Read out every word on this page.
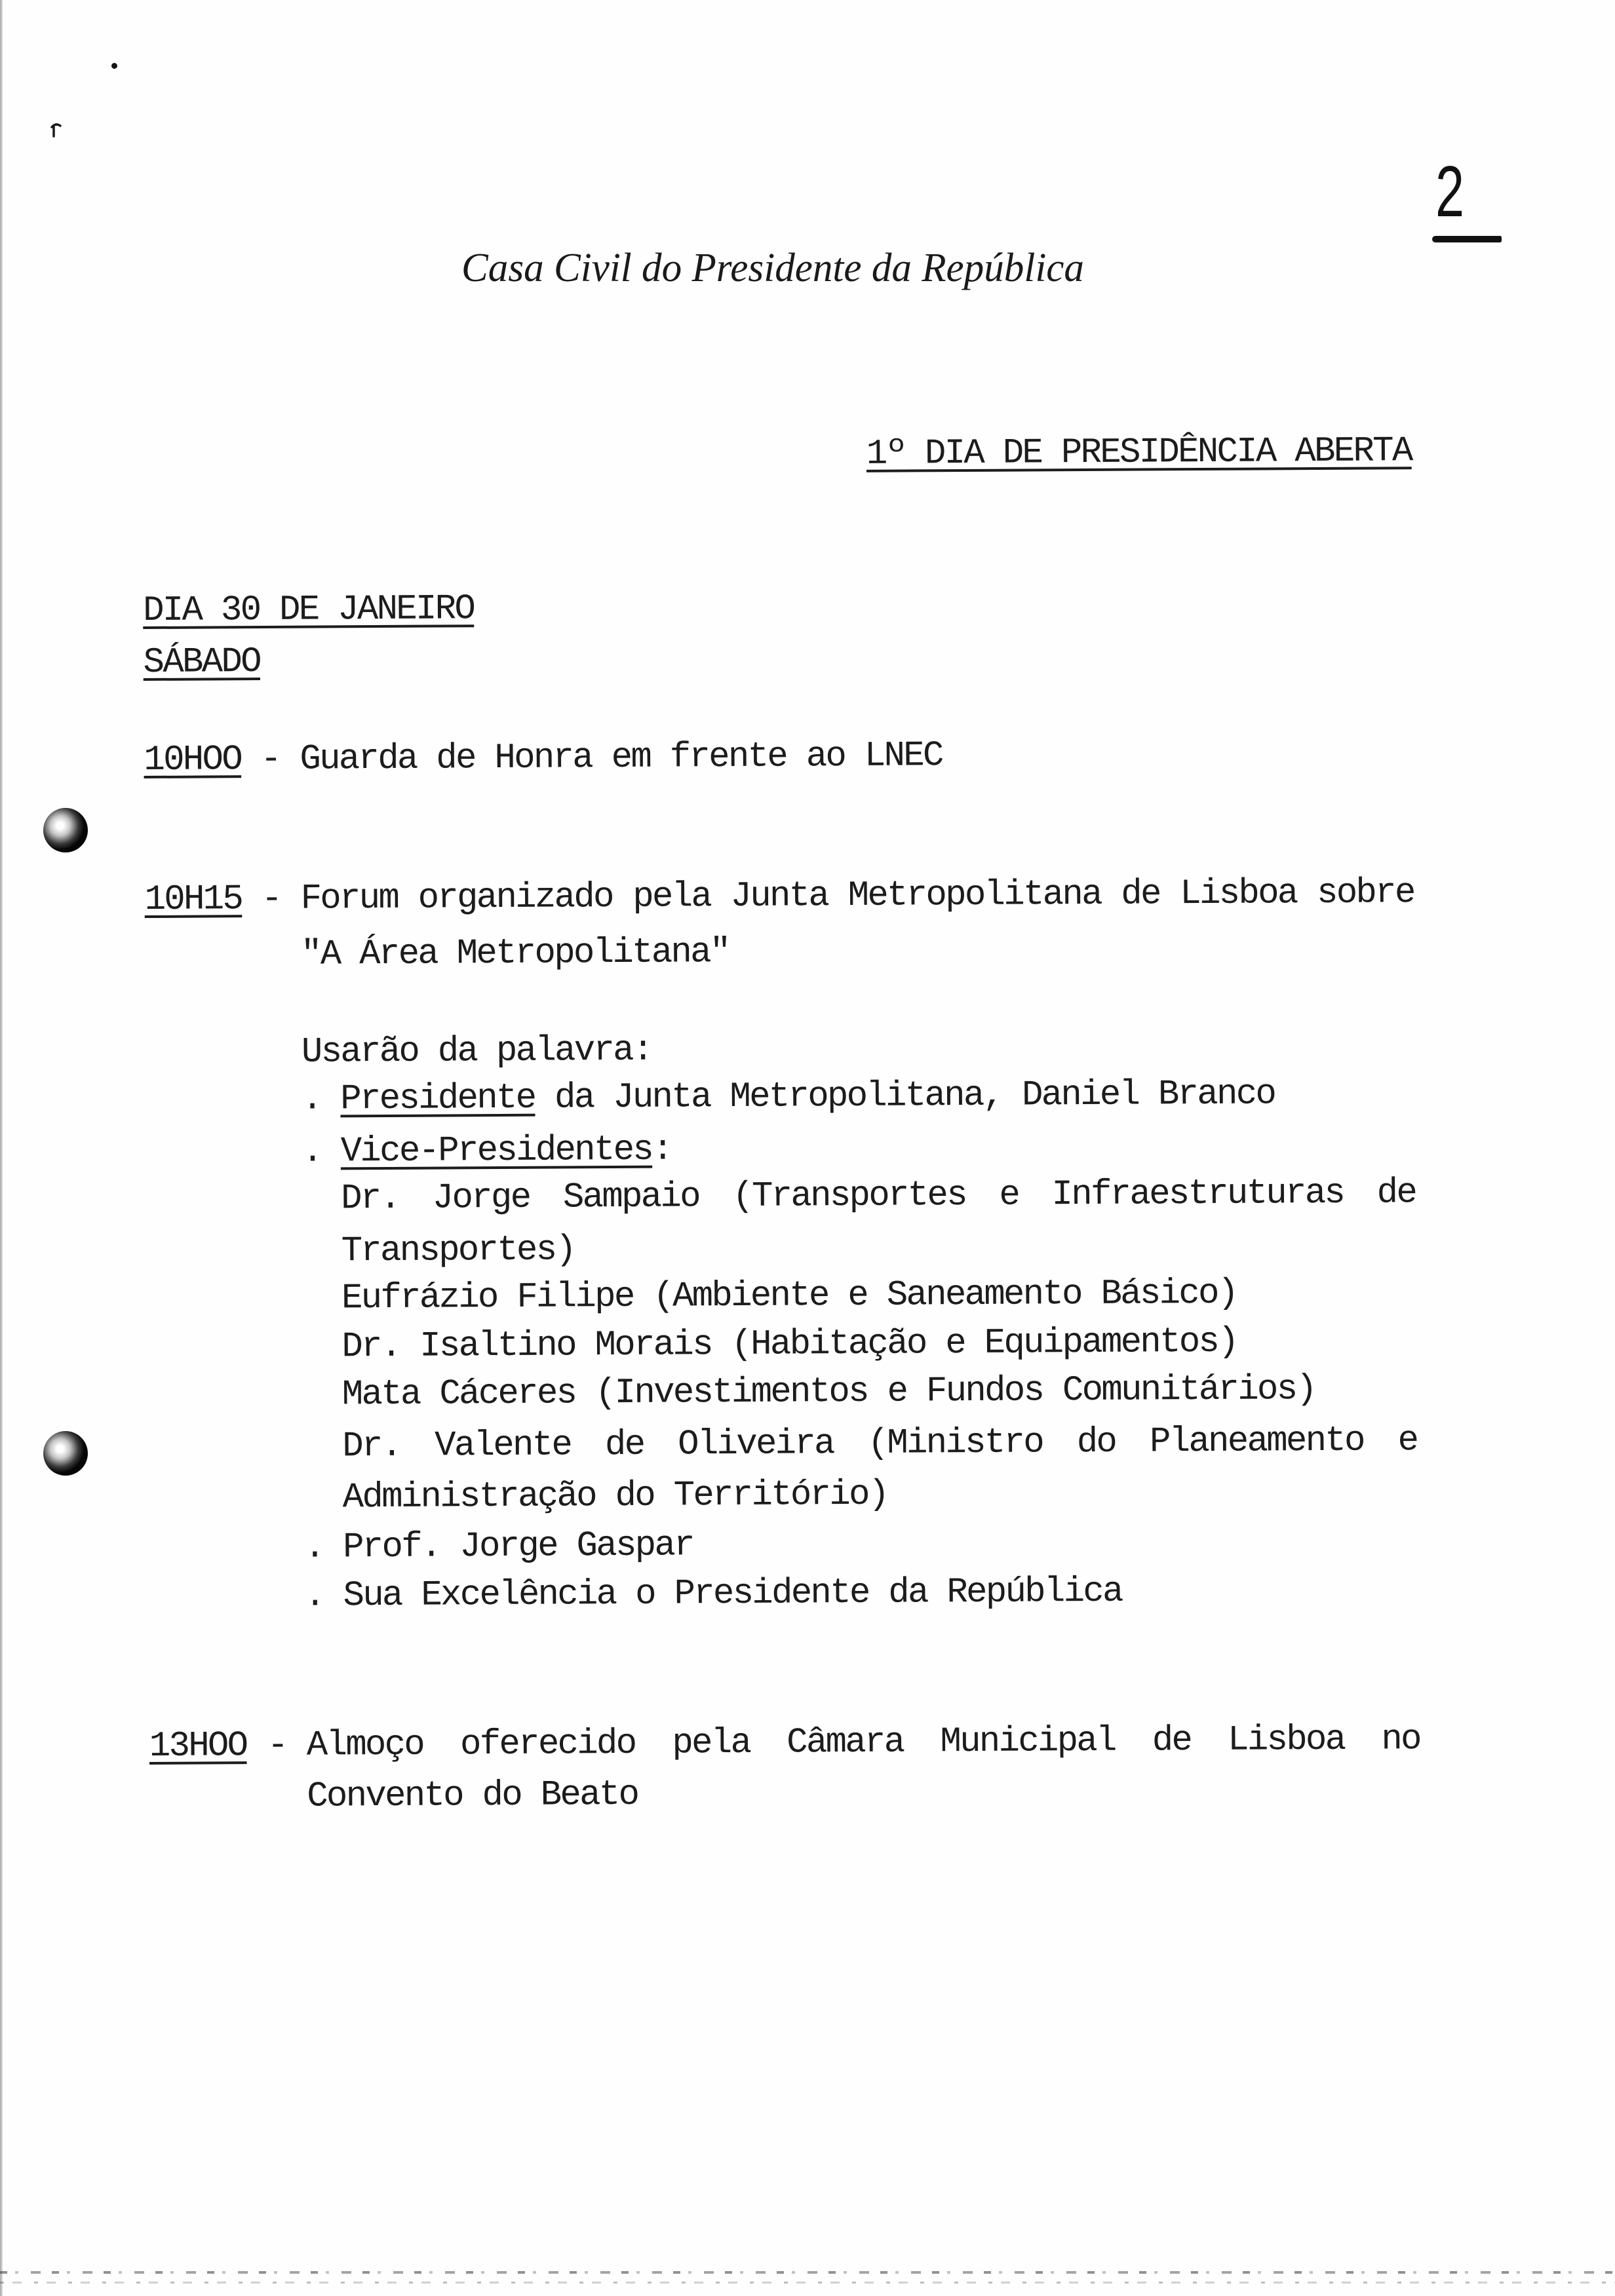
Casa Civil do Presidente da República
2
1º DIA DE PRESIDÊNCIA ABERTA
DIA 30 DE JANEIRO
SÁBADO
10HOO - Guarda de Honra em frente ao LNEC
10H15 - Forum organizado pela Junta Metropolitana de Lisboa sobre
"A Área Metropolitana"
Usarão da palavra:
. Presidente da Junta Metropolitana, Daniel Branco
. Vice-Presidentes:
Dr. Jorge Sampaio (Transportes e Infraestruturas de
Transportes)
Eufrázio Filipe (Ambiente e Saneamento Básico)
Dr. Isaltino Morais (Habitação e Equipamentos)
Mata Cáceres (Investimentos e Fundos Comunitários)
Dr. Valente de Oliveira (Ministro do Planeamento e
Administração do Território)
. Prof. Jorge Gaspar
. Sua Excelência o Presidente da República
13HOO - Almoço oferecido pela Câmara Municipal de Lisboa no
Convento do Beato
